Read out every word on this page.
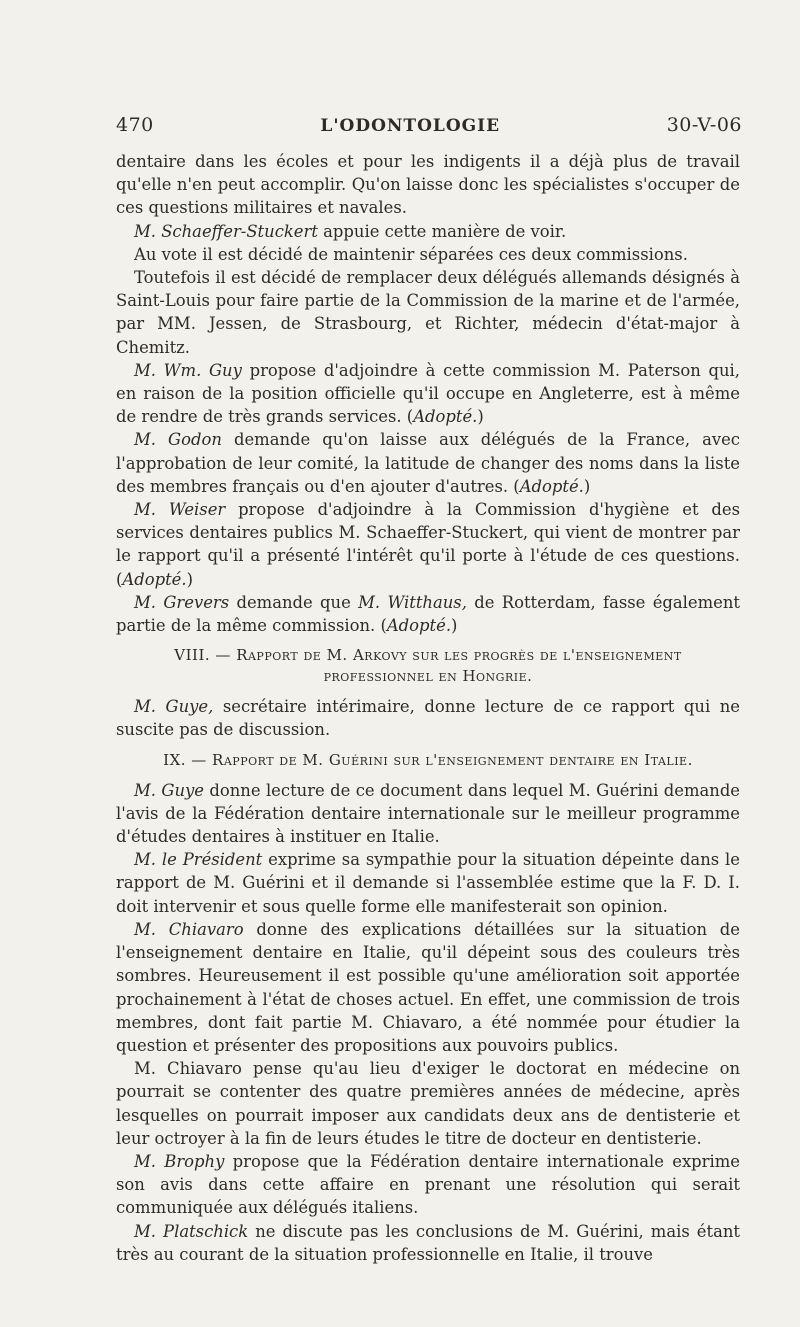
470	L'ODONTOLOGIE	30-V-06

dentaire dans les écoles et pour les indigents il a déjà plus de travail qu'elle n'en peut accomplir. Qu'on laisse donc les spécialistes s'occuper de ces questions militaires et navales.

M. Schaeffer-Stuckert appuie cette manière de voir.

Au vote il est décidé de maintenir séparées ces deux commissions.

Toutefois il est décidé de remplacer deux délégués allemands désignés à Saint-Louis pour faire partie de la Commission de la marine et de l'armée, par MM. Jessen, de Strasbourg, et Richter, médecin d'état-major à Chemitz.

M. Wm. Guy propose d'adjoindre à cette commission M. Paterson qui, en raison de la position officielle qu'il occupe en Angleterre, est à même de rendre de très grands services. (Adopté.)

M. Godon demande qu'on laisse aux délégués de la France, avec l'approbation de leur comité, la latitude de changer des noms dans la liste des membres français ou d'en ajouter d'autres. (Adopté.)

M. Weiser propose d'adjoindre à la Commission d'hygiène et des services dentaires publics M. Schaeffer-Stuckert, qui vient de montrer par le rapport qu'il a présenté l'intérêt qu'il porte à l'étude de ces questions. (Adopté.)

M. Grevers demande que M. Witthaus, de Rotterdam, fasse également partie de la même commission. (Adopté.)

VIII. — Rapport de M. Arkovy sur les progrès de l'enseignement
professionnel en Hongrie.

M. Guye, secrétaire intérimaire, donne lecture de ce rapport qui ne suscite pas de discussion.

IX. — Rapport de M. Guérini sur l'enseignement dentaire en Italie.

M. Guye donne lecture de ce document dans lequel M. Guérini demande l'avis de la Fédération dentaire internationale sur le meilleur programme d'études dentaires à instituer en Italie.

M. le Président exprime sa sympathie pour la situation dépeinte dans le rapport de M. Guérini et il demande si l'assemblée estime que la F. D. I. doit intervenir et sous quelle forme elle manifesterait son opinion.

M. Chiavaro donne des explications détaillées sur la situation de l'enseignement dentaire en Italie, qu'il dépeint sous des couleurs très sombres. Heureusement il est possible qu'une amélioration soit apportée prochainement à l'état de choses actuel. En effet, une commission de trois membres, dont fait partie M. Chiavaro, a été nommée pour étudier la question et présenter des propositions aux pouvoirs publics.

M. Chiavaro pense qu'au lieu d'exiger le doctorat en médecine on pourrait se contenter des quatre premières années de médecine, après lesquelles on pourrait imposer aux candidats deux ans de dentisterie et leur octroyer à la fin de leurs études le titre de docteur en dentisterie.

M. Brophy propose que la Fédération dentaire internationale exprime son avis dans cette affaire en prenant une résolution qui serait communiquée aux délégués italiens.

M. Platschick ne discute pas les conclusions de M. Guérini, mais étant très au courant de la situation professionnelle en Italie, il trouve
